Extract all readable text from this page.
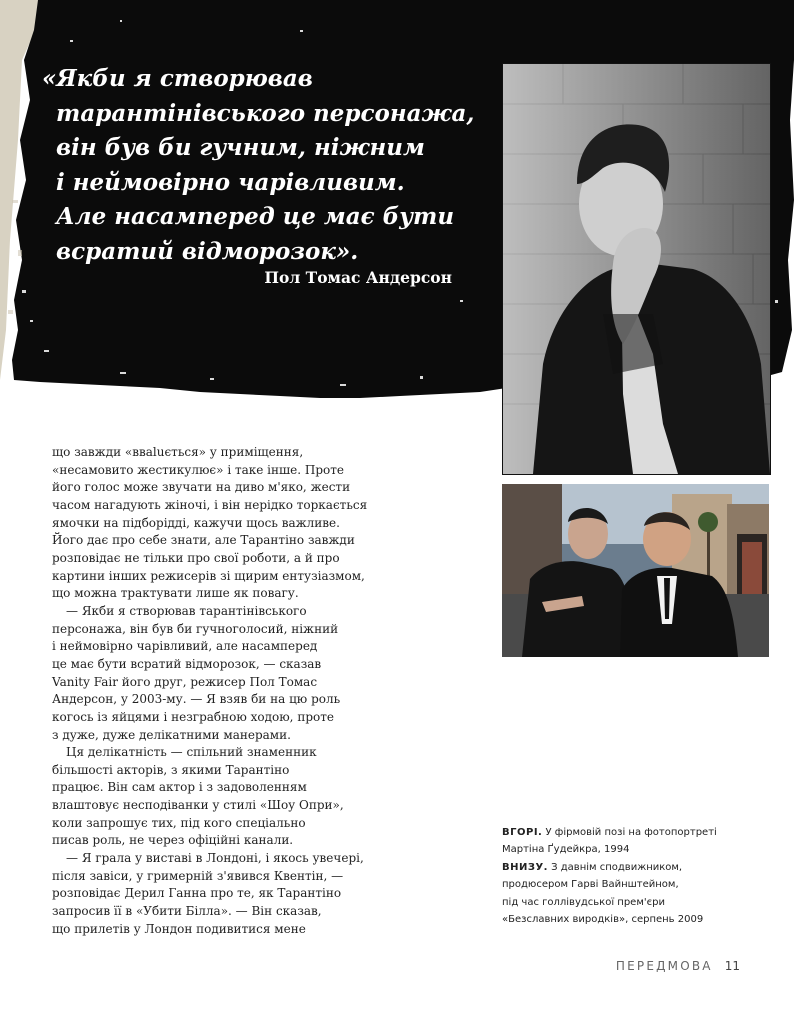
«Якби я створював
тарантінівського персонажа,
він був би гучним, ніжним
і неймовірно чарівливим.
Але насамперед це має бути
всратий відморозок».
Пол Томас Андерсон
що завжди «вваluється» у приміщення,
«несамовито жестикулює» і таке інше. Проте
його голос може звучати на диво м'яко, жести
часом нагадують жіночі, і він нерідко торкається
ямочки на підборідді, кажучи щось важливе.
Його дає про себе знати, але Тарантіно завжди
розповідає не тільки про свої роботи, а й про
картини інших режисерів зі щирим ентузіазмом,
що можна трактувати лише як повагу.
— Якби я створював тарантінівського
персонажа, він був би гучноголосий, ніжний
і неймовірно чарівливий, але насамперед
це має бути всратий відморозок, — сказав
Vanity Fair його друг, режисер Пол Томас
Андерсон, у 2003-му. — Я взяв би на цю роль
когось із яйцями і незграбною ходою, проте
з дуже, дуже делікатними манерами.
Ця делікатність — спільний знаменник
більшості акторів, з якими Тарантіно
працює. Він сам актор і з задоволенням
влаштовує несподіванки у стилі «Шоу Опри»,
коли запрошує тих, під кого спеціально
писав роль, не через офіційні канали.
— Я грала у виставі в Лондоні, і якось увечері,
після завіси, у гримерній з'явився Квентін, —
розповідає Дерил Ганна про те, як Тарантіно
запросив її в «Убити Білла». — Він сказав,
що прилетів у Лондон подивитися мене
ВГОРІ. У фірмовій позі на фотопортреті
Мартіна Ґудейкра, 1994
ВНИЗУ. З давнім сподвижником,
продюсером Гарві Вайнштейном,
під час голлівудської прем'єри
«Безславних виродків», серпень 2009
ПЕРЕДМОВА 11
